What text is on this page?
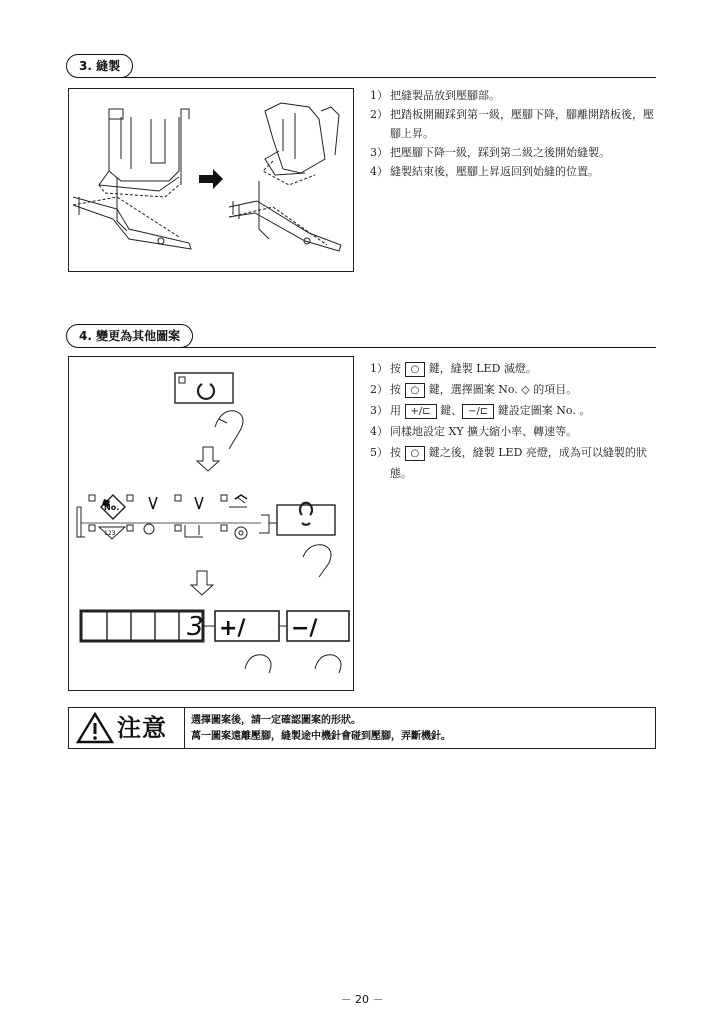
3. 縫製
1） 把縫製品放到壓腳部。
2） 把踏板開關踩到第一級，壓腳下降，腳離開踏板後，壓腳上昇。
3） 把壓腳下降一級，踩到第二級之後開始縫製。
4） 縫製結束後，壓腳上昇返回到始縫的位置。
4. 變更為其他圖案
No.
123
3 +/ −/
1） 按 ○ 鍵，縫製 LED 滅燈。
2） 按 ○ 鍵，選擇圖案 No. ◇ 的項目。
3） 用 +/⊏ 鍵、 −/⊏ 鍵設定圖案 No. 。
4） 同樣地設定 XY 擴大縮小率、轉速等。
5） 按 ○ 鍵之後，縫製 LED 亮燈，成為可以縫製的狀態。
注意 選擇圖案後，請一定確認圖案的形狀。
萬一圖案遠離壓腳，縫製途中機針會碰到壓腳，弄斷機針。
－ 20 －
